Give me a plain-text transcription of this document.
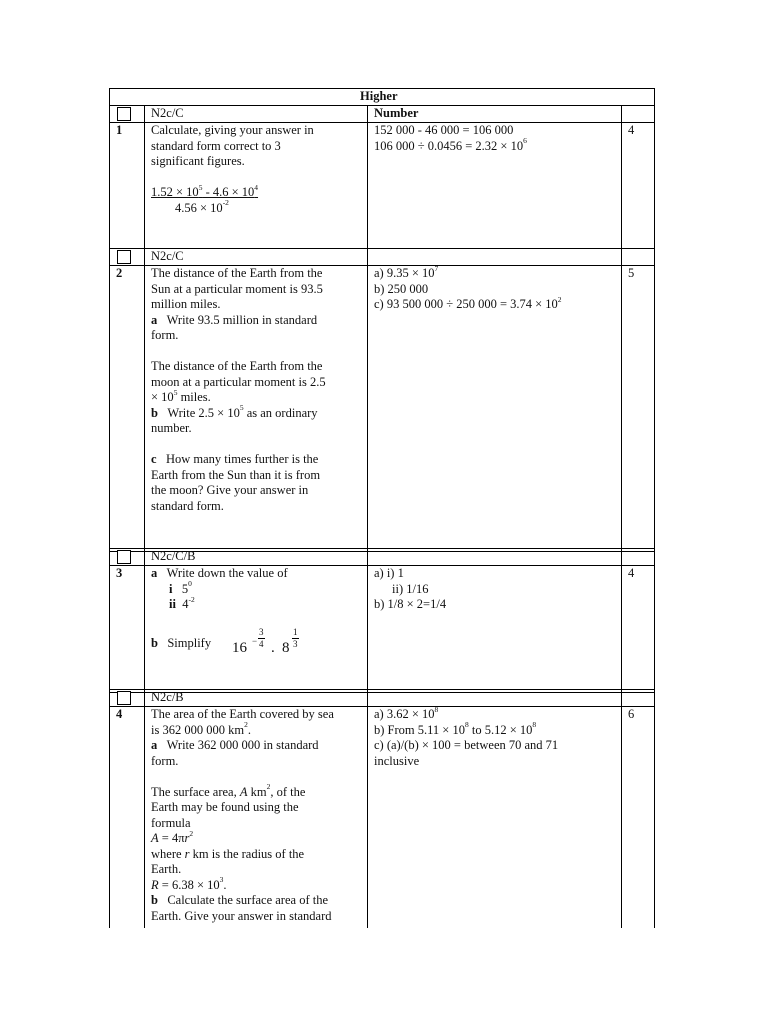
Higher
Number
N2c/C
1 Calculate, giving your answer in

standard form correct to 3

significant figures.

$1.52 \times 10^5 - 4.6 \times 10^4$

$4.56 \times 10^{-2}$

152 000 - 46 000 = 106 000

106 $000 \div 0.0456 = 2.32 \times 10^6$

4
N2c/C
2 The distance of the Earth from the

Sun at a particular moment is 93.5

million miles.

a Write 93.5 million in standard

form.

The distance of the Earth from the

moon at a particular moment is 2.5

× $10^5$ miles.

b Write $2.5 \times 10^5$ as an ordinary

number.

c How many times further is the

Earth from the Sun than it is from

the moon? Give your answer in

standard form.

a) $9.35 \times 10^7$

b) 250 000

c) 93 500 000 ÷ 250 $000 = 3.74 \times 10^2$

5
N2c/C/B
3 a Write down the value of

i $5^0$

ii $4^{-2}$

b Simplify 16 −
3
4 . 8
1
3

a) i) 1

ii) 1/16

b) 1/8 × 2=1/4

4
N2c/B
4 The area of the Earth covered by sea

is 362 000 000 $km^2$.

a Write 362 000 000 in standard

form.

The surface area, A $km^2$, of the

Earth may be found using the

formula

$A = 4\pi r^2$

where r km is the radius of the

Earth.

$R = 6.38 \times 10^3$.

b Calculate the surface area of the

Earth. Give your answer in standard

a) $3.62 \times 10^8$

b) From $5.11 \times 10^8$ to $5.12 \times 10^8$

c) (a)/(b) × 100 = between 70 and 71

inclusive

6
